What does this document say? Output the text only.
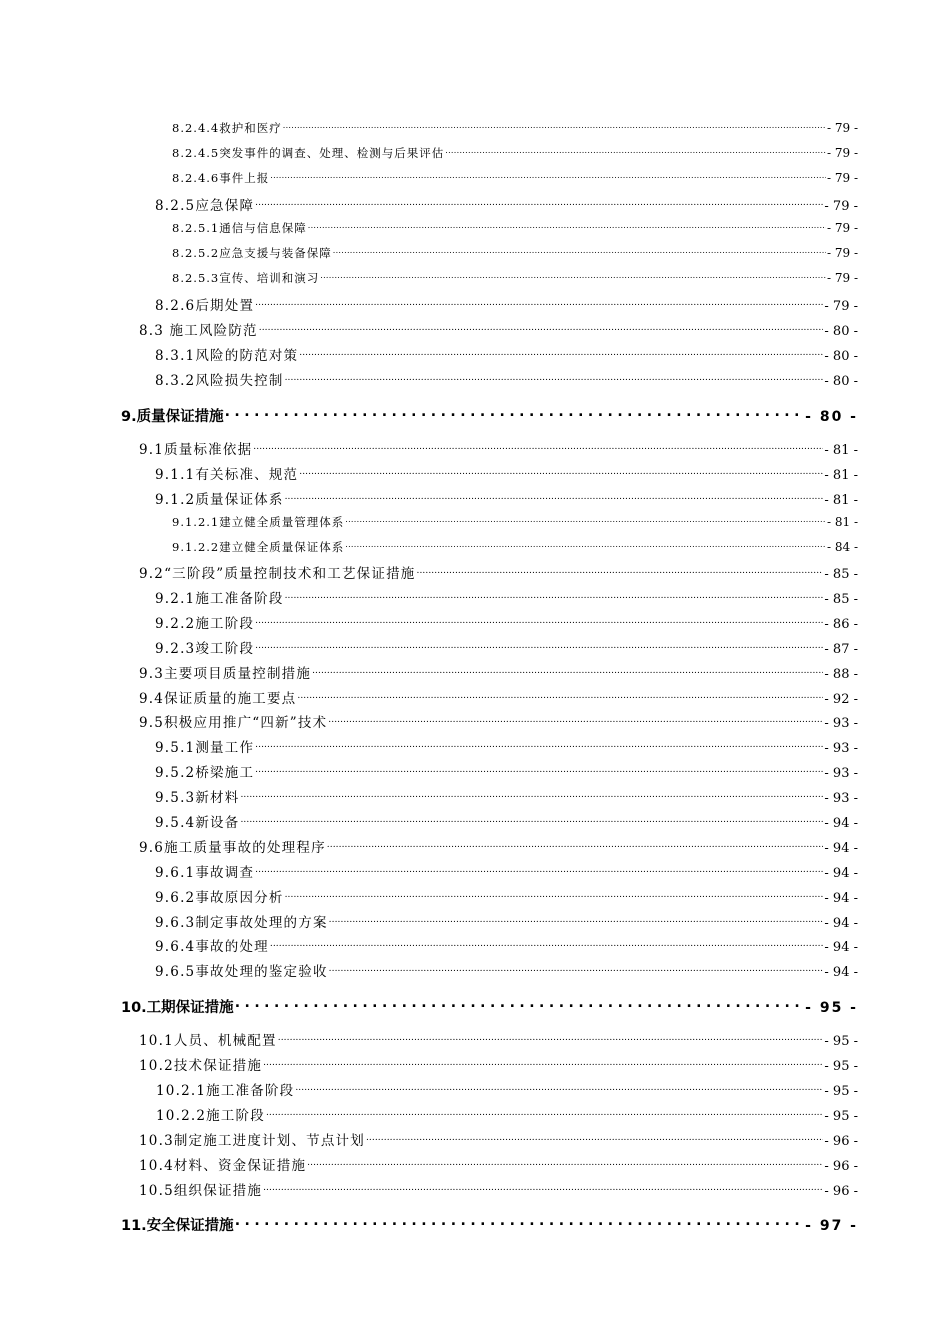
8.2.4.4救护和医疗 .....	- 79 -
8.2.4.5突发事件的调查、处理、检测与后果评估 .....	- 79 -
8.2.4.6事件上报 .....	- 79 -
8.2.5应急保障 .....	- 79 -
8.2.5.1通信与信息保障 .....	- 79 -
8.2.5.2应急支援与装备保障 .....	- 79 -
8.2.5.3宣传、培训和演习 .....	- 79 -
8.2.6后期处置 .....	- 79 -
8.3 施工风险防范 .....	- 80 -
8.3.1风险的防范对策 .....	- 80 -
8.3.2风险损失控制 .....	- 80 -
9.质量保证措施 .....	- 80 -
9.1质量标准依据 .....	- 81 -
9.1.1有关标准、规范 .....	- 81 -
9.1.2质量保证体系 .....	- 81 -
9.1.2.1建立健全质量管理体系 .....	- 81 -
9.1.2.2建立健全质量保证体系 .....	- 84 -
9.2“三阶段”质量控制技术和工艺保证措施 .....	- 85 -
9.2.1施工准备阶段 .....	- 85 -
9.2.2施工阶段 .....	- 86 -
9.2.3竣工阶段 .....	- 87 -
9.3主要项目质量控制措施 .....	- 88 -
9.4保证质量的施工要点 .....	- 92 -
9.5积极应用推广“四新”技术 .....	- 93 -
9.5.1测量工作 .....	- 93 -
9.5.2桥梁施工 .....	- 93 -
9.5.3新材料 .....	- 93 -
9.5.4新设备 .....	- 94 -
9.6施工质量事故的处理程序 .....	- 94 -
9.6.1事故调查 .....	- 94 -
9.6.2事故原因分析 .....	- 94 -
9.6.3制定事故处理的方案 .....	- 94 -
9.6.4事故的处理 .....	- 94 -
9.6.5事故处理的鉴定验收 .....	- 94 -
10.工期保证措施 .....	- 95 -
10.1人员、机械配置 .....	- 95 -
10.2技术保证措施 .....	- 95 -
10.2.1施工准备阶段 .....	- 95 -
10.2.2施工阶段 .....	- 95 -
10.3制定施工进度计划、节点计划 .....	- 96 -
10.4材料、资金保证措施 .....	- 96 -
10.5组织保证措施 .....	- 96 -
11.安全保证措施 .....	- 97 -
